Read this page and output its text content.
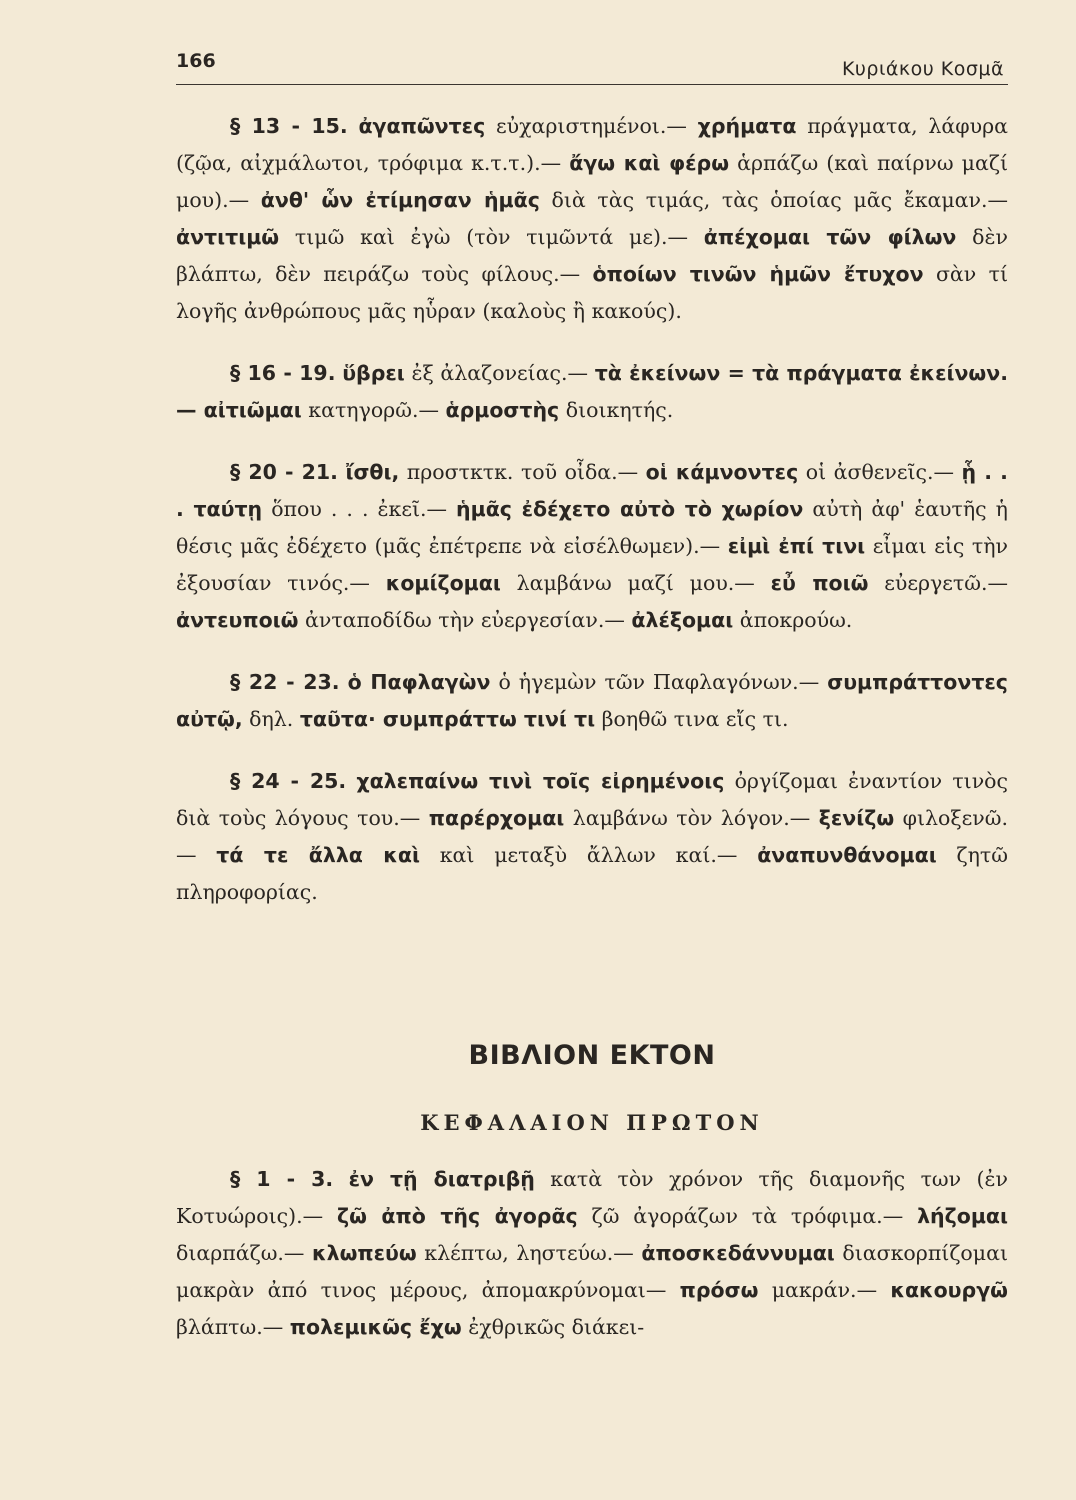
166	Κυριάκου Κοσμᾶ

§ 13 - 15. ἀγαπῶντες εὐχαριστημένοι.— χρήματα πράγματα, λάφυρα (ζῷα, αἰχμάλωτοι, τρόφιμα κ.τ.τ.).— ἄγω καὶ φέρω ἁρπάζω (καὶ παίρνω μαζί μου).— ἀνθ' ὧν ἐτίμησαν ἡμᾶς διὰ τὰς τιμάς, τὰς ὁποίας μᾶς ἔκαμαν.— ἀντιτιμῶ τιμῶ καὶ ἐγὼ (τὸν τιμῶντά με).— ἀπέχομαι τῶν φίλων δὲν βλάπτω, δὲν πειράζω τοὺς φίλους.— ὁποίων τινῶν ἡμῶν ἔτυχον σὰν τί λογῆς ἀνθρώπους μᾶς ηὗραν (καλοὺς ἢ κακούς).

§ 16 - 19. ὕβρει ἐξ ἀλαζονείας.— τὰ ἐκείνων = τὰ πράγματα ἐκείνων.— αἰτιῶμαι κατηγορῶ.— ἁρμοστὴς διοικητής.

§ 20 - 21. ἴσθι, προστκτκ. τοῦ οἶδα.— οἱ κάμνοντες οἱ ἀσθενεῖς.— ᾗ . . . ταύτῃ ὅπου . . . ἐκεῖ.— ἡμᾶς ἐδέχετο αὐτὸ τὸ χωρίον αὐτὴ ἀφ' ἑαυτῆς ἡ θέσις μᾶς ἐδέχετο (μᾶς ἐπέτρεπε νὰ εἰσέλθωμεν).— εἰμὶ ἐπί τινι εἶμαι εἰς τὴν ἐξουσίαν τινός.— κομίζομαι λαμβάνω μαζί μου.— εὖ ποιῶ εὐεργετῶ.— ἀντευποιῶ ἀνταποδίδω τὴν εὐεργεσίαν.— ἀλέξομαι ἀποκρούω.

§ 22 - 23. ὁ Παφλαγὼν ὁ ἡγεμὼν τῶν Παφλαγόνων.— συμπράττοντες αὐτῷ, δηλ. ταῦτα· συμπράττω τινί τι βοηθῶ τινα εἴς τι.

§ 24 - 25. χαλεπαίνω τινὶ τοῖς εἰρημένοις ὀργίζομαι ἐναντίον τινὸς διὰ τοὺς λόγους του.— παρέρχομαι λαμβάνω τὸν λόγον.— ξενίζω φιλοξενῶ.— τά τε ἄλλα καὶ καὶ μεταξὺ ἄλλων καί.— ἀναπυνθάνομαι ζητῶ πληροφορίας.

ΒΙΒΛΙΟΝ ΕΚΤΟΝ
ΚΕΦΑΛΑΙΟΝ ΠΡΩΤΟΝ

§ 1 - 3. ἐν τῇ διατριβῇ κατὰ τὸν χρόνον τῆς διαμονῆς των (ἐν Κοτυώροις).— ζῶ ἀπὸ τῆς ἀγορᾶς ζῶ ἀγοράζων τὰ τρόφιμα.— λήζομαι διαρπάζω.— κλωπεύω κλέπτω, ληστεύω.— ἀποσκεδάννυμαι διασκορπίζομαι μακρὰν ἀπό τινος μέρους, ἀπομακρύνομαι— πρόσω μακράν.— κακουργῶ βλάπτω.— πολεμικῶς ἔχω ἐχθρικῶς διάκει-
